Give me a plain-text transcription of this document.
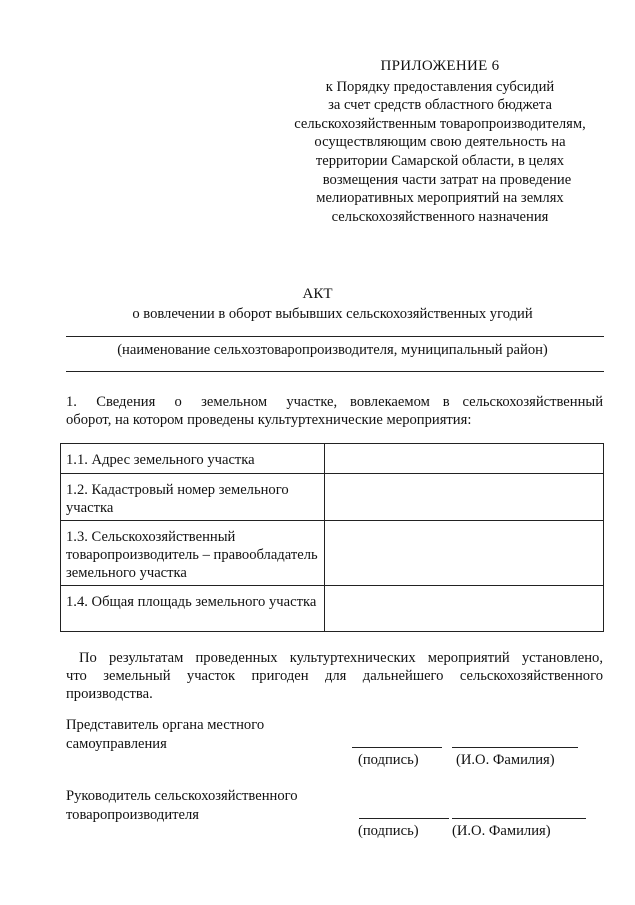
ПРИЛОЖЕНИЕ 6
к Порядку предоставления субсидий
за счет средств областного бюджета
сельскохозяйственным товаропроизводителям,
осуществляющим свою деятельность на
территории Самарской области, в целях
возмещения части затрат на проведение
мелиоративных мероприятий на землях
сельскохозяйственного назначения
АКТ
о вовлечении в оборот выбывших сельскохозяйственных угодий
(наименование сельхозтоваропроизводителя, муниципальный район)
1.   Сведения   о   земельном   участке,  вовлекаемом  в  сельскохозяйственный
оборот, на котором проведены культуртехнические мероприятия:
1.1. Адрес земельного участка	
1.2. Кадастровый номер земельного участка	
1.3. Сельскохозяйственный товаропроизводитель – правообладатель земельного участка	
1.4. Общая площадь земельного участка	
По результатам проведенных культуртехнических мероприятий установлено,
что земельный участок пригоден для дальнейшего сельскохозяйственного
производства.
Представитель органа местного
самоуправления
(подпись)	(И.О. Фамилия)
Руководитель сельскохозяйственного
товаропроизводителя
(подпись) (И.О. Фамилия)
